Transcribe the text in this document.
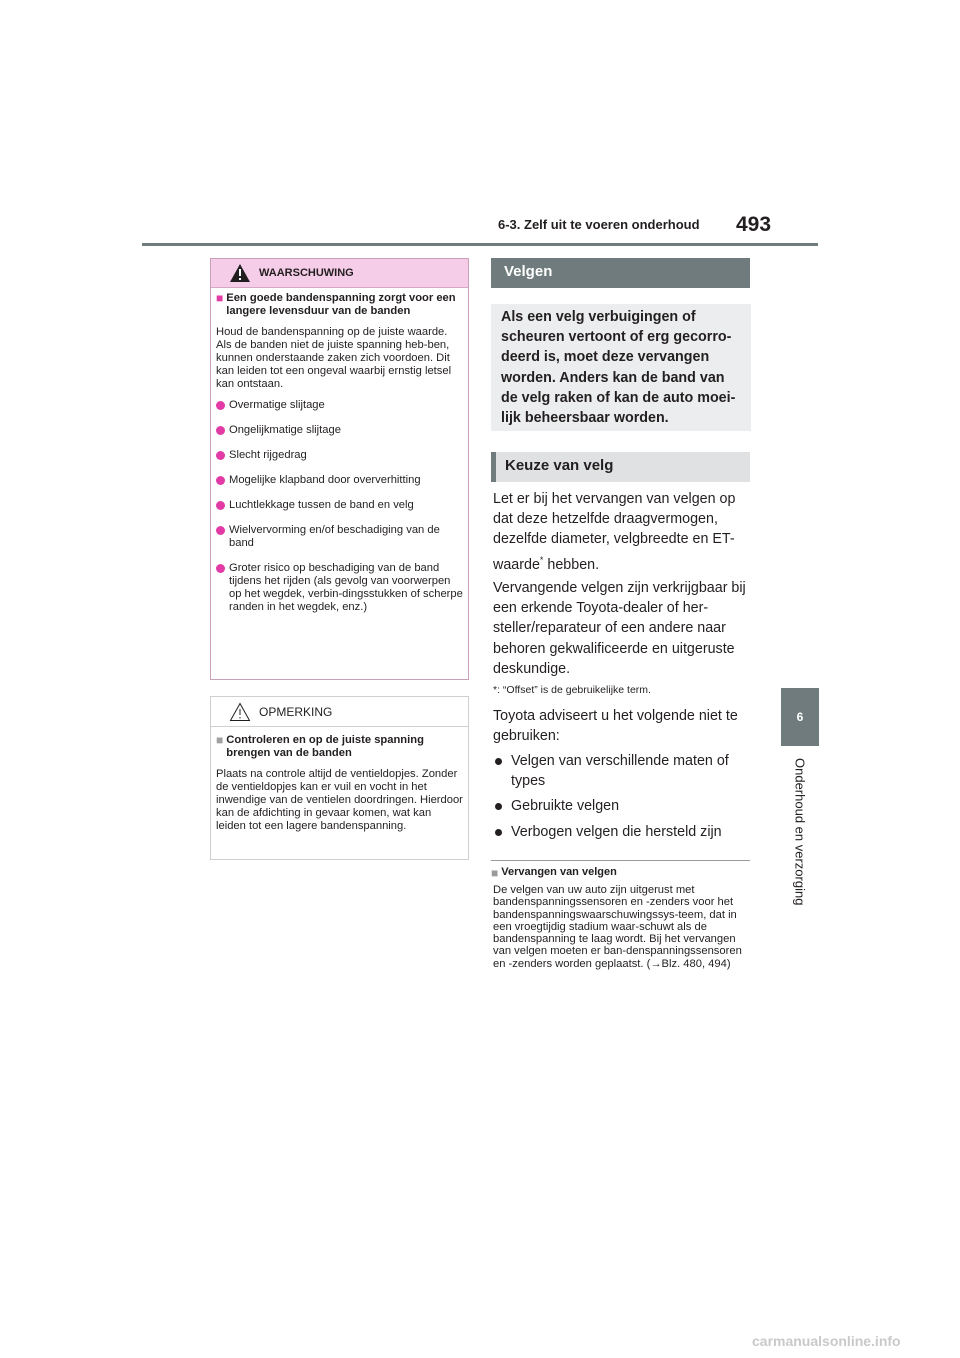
6-3. Zelf uit te voeren onderhoud 493
6
Onderhoud en verzorging
WAARSCHUWING
■ Een goede bandenspanning zorgt voor een langere levensduur van de banden
Houd de bandenspanning op de juiste waarde.
Als de banden niet de juiste spanning heb-ben, kunnen onderstaande zaken zich voordoen. Dit kan leiden tot een ongeval waarbij ernstig letsel kan ontstaan.
Overmatige slijtage
Ongelijkmatige slijtage
Slecht rijgedrag
Mogelijke klapband door oververhitting
Luchtlekkage tussen de band en velg
Wielvervorming en/of beschadiging van de band
Groter risico op beschadiging van de band tijdens het rijden (als gevolg van voorwerpen op het wegdek, verbin-dingsstukken of scherpe randen in het wegdek, enz.)
OPMERKING
■ Controleren en op de juiste spanning brengen van de banden
Plaats na controle altijd de ventieldopjes. Zonder de ventieldopjes kan er vuil en vocht in het inwendige van de ventielen doordringen. Hierdoor kan de afdichting in gevaar komen, wat kan leiden tot een lagere bandenspanning.
Velgen
Als een velg verbuigingen of scheuren vertoont of erg gecorro-deerd is, moet deze vervangen worden. Anders kan de band van de velg raken of kan de auto moei-lijk beheersbaar worden.
Keuze van velg
Let er bij het vervangen van velgen op dat deze hetzelfde draagvermogen, dezelfde diameter, velgbreedte en ET-waarde* hebben.
Vervangende velgen zijn verkrijgbaar bij een erkende Toyota-dealer of her-steller/reparateur of een andere naar behoren gekwalificeerde en uitgeruste deskundige.
*: “Offset” is de gebruikelijke term.
Toyota adviseert u het volgende niet te gebruiken:
Velgen van verschillende maten of types
Gebruikte velgen
Verbogen velgen die hersteld zijn
■ Vervangen van velgen
De velgen van uw auto zijn uitgerust met bandenspanningssensoren en -zenders voor het bandenspanningswaarschuwingssys-teem, dat in een vroegtijdig stadium waar-schuwt als de bandenspanning te laag wordt. Bij het vervangen van velgen moeten er ban-denspanningssensoren en -zenders worden geplaatst. (→Blz. 480, 494)
carmanualsonline.info
